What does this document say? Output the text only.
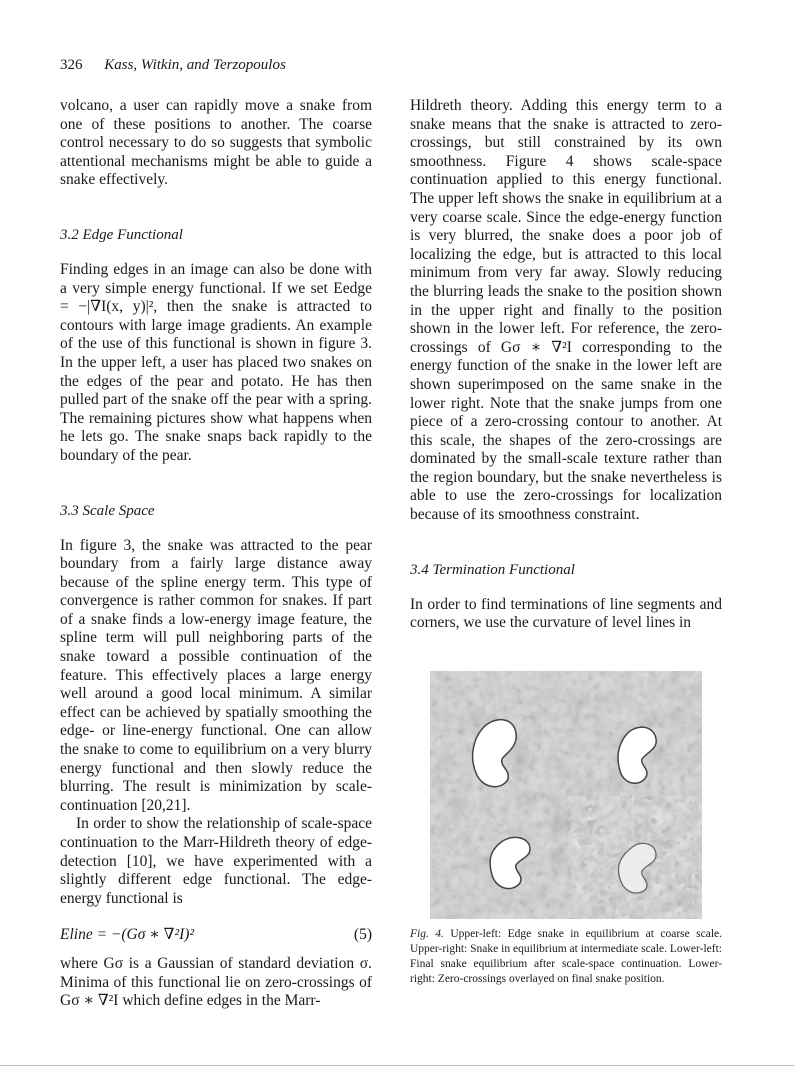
326 Kass, Witkin, and Terzopoulos

volcano, a user can rapidly move a snake from one of these positions to another. The coarse control necessary to do so suggests that symbolic attentional mechanisms might be able to guide a snake effectively.

3.2 Edge Functional

Finding edges in an image can also be done with a very simple energy functional. If we set Eedge = −|∇I(x, y)|², then the snake is attracted to contours with large image gradients. An example of the use of this functional is shown in figure 3. In the upper left, a user has placed two snakes on the edges of the pear and potato. He has then pulled part of the snake off the pear with a spring. The remaining pictures show what happens when he lets go. The snake snaps back rapidly to the boundary of the pear.

3.3 Scale Space

In figure 3, the snake was attracted to the pear boundary from a fairly large distance away because of the spline energy term. This type of convergence is rather common for snakes. If part of a snake finds a low-energy image feature, the spline term will pull neighboring parts of the snake toward a possible continuation of the feature. This effectively places a large energy well around a good local minimum. A similar effect can be achieved by spatially smoothing the edge- or line-energy functional. One can allow the snake to come to equilibrium on a very blurry energy functional and then slowly reduce the blurring. The result is minimization by scale-continuation [20,21].

In order to show the relationship of scale-space continuation to the Marr-Hildreth theory of edge-detection [10], we have experimented with a slightly different edge functional. The edge-energy functional is

Eline = −(Gσ ∗ ∇²I)²	(5)

where Gσ is a Gaussian of standard deviation σ. Minima of this functional lie on zero-crossings of Gσ ∗ ∇²I which define edges in the Marr-

Hildreth theory. Adding this energy term to a snake means that the snake is attracted to zero-crossings, but still constrained by its own smoothness. Figure 4 shows scale-space continuation applied to this energy functional. The upper left shows the snake in equilibrium at a very coarse scale. Since the edge-energy function is very blurred, the snake does a poor job of localizing the edge, but is attracted to this local minimum from very far away. Slowly reducing the blurring leads the snake to the position shown in the upper right and finally to the position shown in the lower left. For reference, the zero-crossings of Gσ ∗ ∇²I corresponding to the energy function of the snake in the lower left are shown superimposed on the same snake in the lower right. Note that the snake jumps from one piece of a zero-crossing contour to another. At this scale, the shapes of the zero-crossings are dominated by the small-scale texture rather than the region boundary, but the snake nevertheless is able to use the zero-crossings for localization because of its smoothness constraint.

3.4 Termination Functional

In order to find terminations of line segments and corners, we use the curvature of level lines in

Fig. 4. Upper-left: Edge snake in equilibrium at coarse scale. Upper-right: Snake in equilibrium at intermediate scale. Lower-left: Final snake equilibrium after scale-space continuation. Lower-right: Zero-crossings overlayed on final snake position.
